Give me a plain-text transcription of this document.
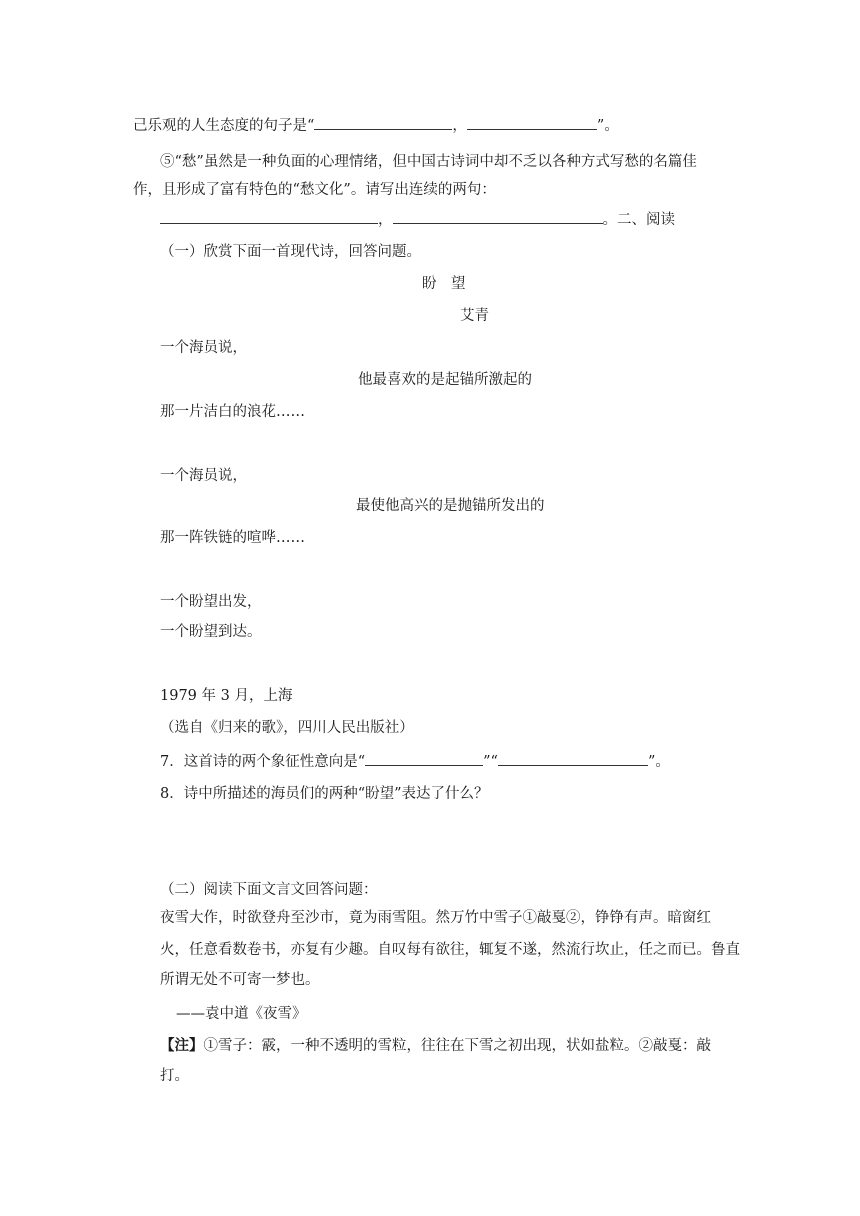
己乐观的人生态度的句子是“	，	”。
⑤“愁”虽然是一种负面的心理情绪，但中国古诗词中却不乏以各种方式写愁的名篇佳
作，且形成了富有特色的“愁文化”。请写出连续的两句：
，	。二、阅读
（一）欣赏下面一首现代诗，回答问题。
盼　望
艾青
一个海员说，
他最喜欢的是起锚所激起的
那一片洁白的浪花……
一个海员说，
最使他高兴的是抛锚所发出的
那一阵铁链的喧哗……
一个盼望出发，
一个盼望到达。
1979 年 3 月，上海
（选自《归来的歌》，四川人民出版社）
7．这首诗的两个象征性意向是“	”“	”。
8．诗中所描述的海员们的两种“盼望”表达了什么？
（二）阅读下面文言文回答问题：
夜雪大作，时欲登舟至沙市，竟为雨雪阻。然万竹中雪子①敲戛②，铮铮有声。暗窗红
火，任意看数卷书，亦复有少趣。自叹每有欲往，辄复不遂，然流行坎止，任之而已。鲁直
所谓无处不可寄一梦也。
——袁中道《夜雪》
【注】①雪子：霰，一种不透明的雪粒，往往在下雪之初出现，状如盐粒。②敲戛：敲
打。
